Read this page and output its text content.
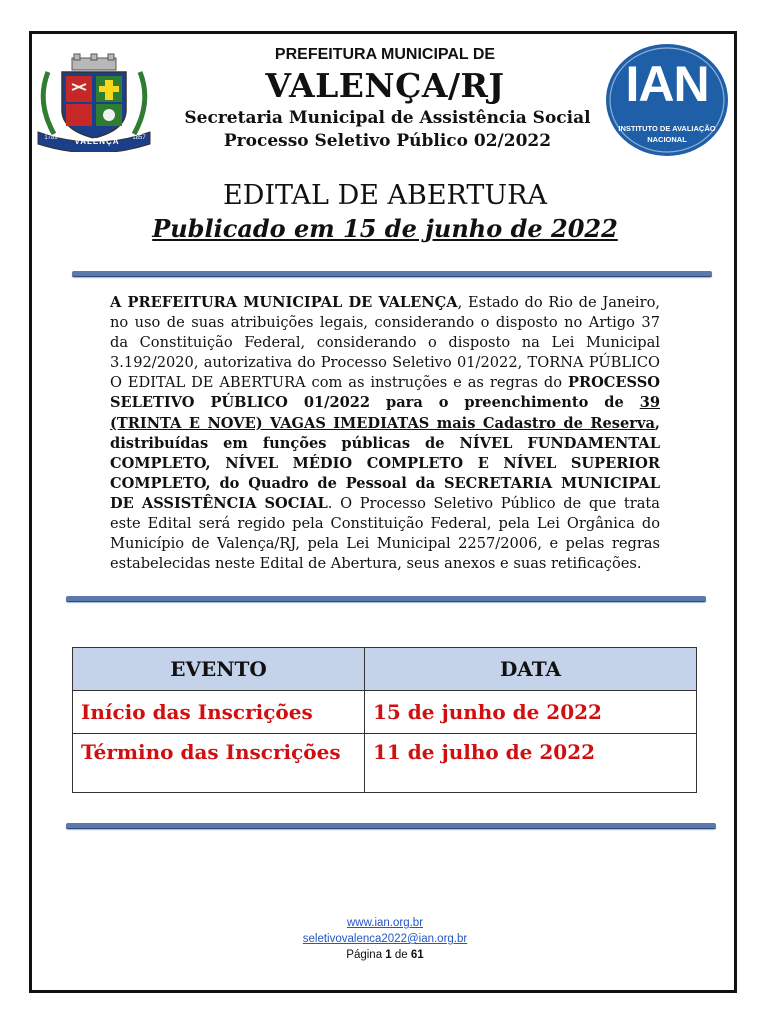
VALENÇA
1789	1857
IAN
INSTITUTO DE AVALIAÇÃO
NACIONAL
PREFEITURA MUNICIPAL DE
VALENÇA/RJ
Secretaria Municipal de Assistência Social
Processo Seletivo Público 02/2022
EDITAL DE ABERTURA
Publicado em 15 de junho de 2022
A PREFEITURA MUNICIPAL DE VALENÇA, Estado do Rio de Janeiro, no uso de suas atribuições legais, considerando o disposto no Artigo 37 da Constituição Federal, considerando o disposto na Lei Municipal 3.192/2020, autorizativa do Processo Seletivo 01/2022, TORNA PÚBLICO O EDITAL DE ABERTURA com as instruções e as regras do PROCESSO SELETIVO PÚBLICO 01/2022 para o preenchimento de 39 (TRINTA E NOVE) VAGAS IMEDIATAS mais Cadastro de Reserva, distribuídas em funções públicas de NÍVEL FUNDAMENTAL COMPLETO, NÍVEL MÉDIO COMPLETO E NÍVEL SUPERIOR COMPLETO, do Quadro de Pessoal da SECRETARIA MUNICIPAL DE ASSISTÊNCIA SOCIAL. O Processo Seletivo Público de que trata este Edital será regido pela Constituição Federal, pela Lei Orgânica do Município de Valença/RJ, pela Lei Municipal 2257/2006, e pelas regras estabelecidas neste Edital de Abertura, seus anexos e suas retificações.
EVENTO	DATA
Início das Inscrições	15 de junho de 2022
Término das Inscrições	11 de julho de 2022
www.ian.org.br
seletivovalenca2022@ian.org.br
Página 1 de 61
